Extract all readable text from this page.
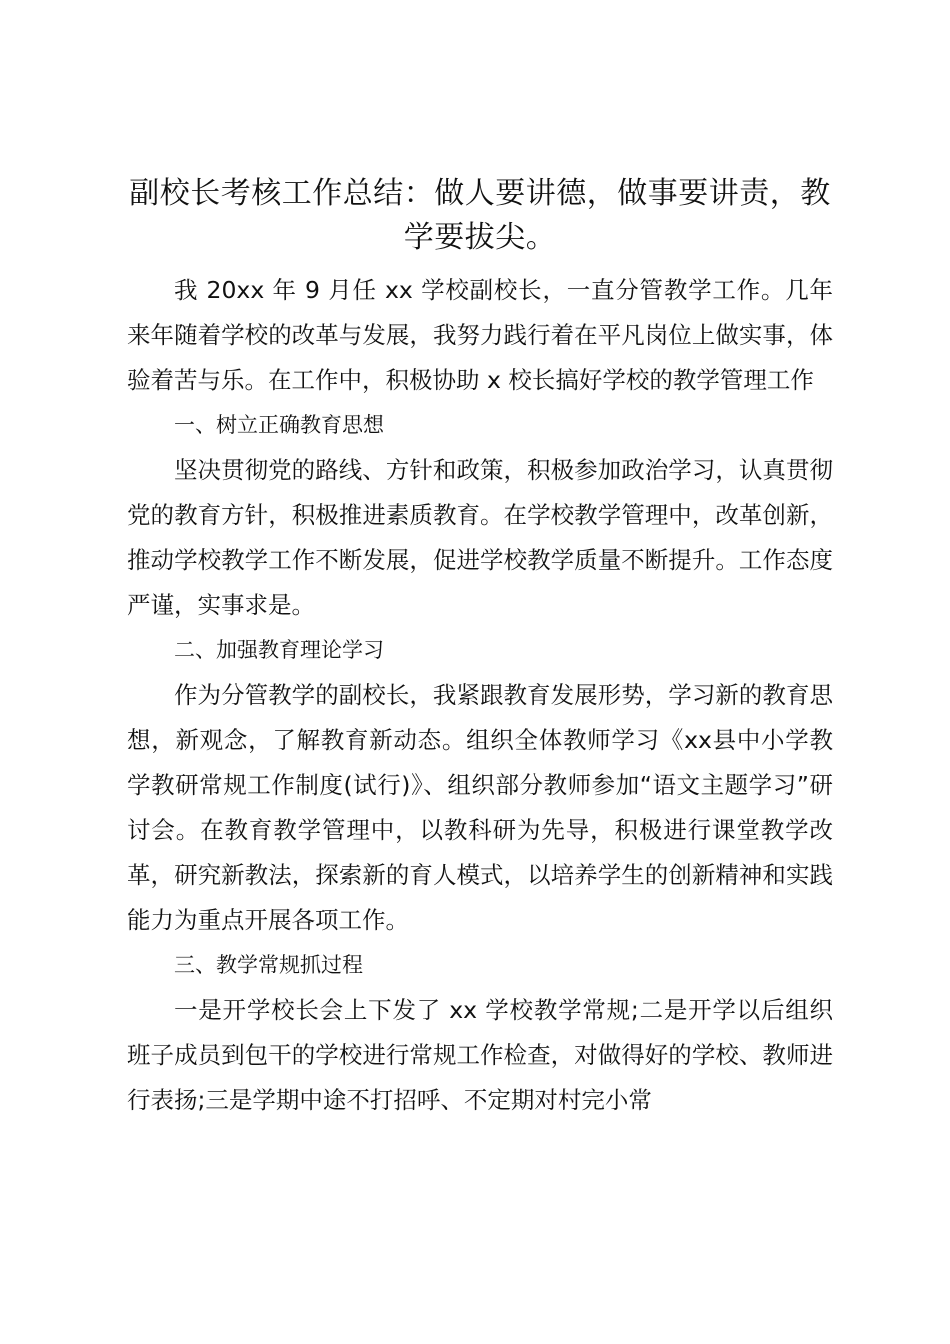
副校长考核工作总结：做人要讲德，做事要讲责，教学要拔尖。

我 20xx 年 9 月任 xx 学校副校长，一直分管教学工作。几年来年随着学校的改革与发展，我努力践行着在平凡岗位上做实事，体验着苦与乐。在工作中，积极协助 x 校长搞好学校的教学管理工作

一、树立正确教育思想

坚决贯彻党的路线、方针和政策，积极参加政治学习，认真贯彻党的教育方针，积极推进素质教育。在学校教学管理中，改革创新，推动学校教学工作不断发展，促进学校教学质量不断提升。工作态度严谨，实事求是。

二、加强教育理论学习

作为分管教学的副校长，我紧跟教育发展形势，学习新的教育思想，新观念，了解教育新动态。组织全体教师学习《xx县中小学教学教研常规工作制度(试行)》、组织部分教师参加“语文主题学习”研讨会。在教育教学管理中，以教科研为先导，积极进行课堂教学改革，研究新教法，探索新的育人模式，以培养学生的创新精神和实践能力为重点开展各项工作。

三、教学常规抓过程

一是开学校长会上下发了 xx 学校教学常规;二是开学以后组织班子成员到包干的学校进行常规工作检查，对做得好的学校、教师进行表扬;三是学期中途不打招呼、不定期对村完小常
